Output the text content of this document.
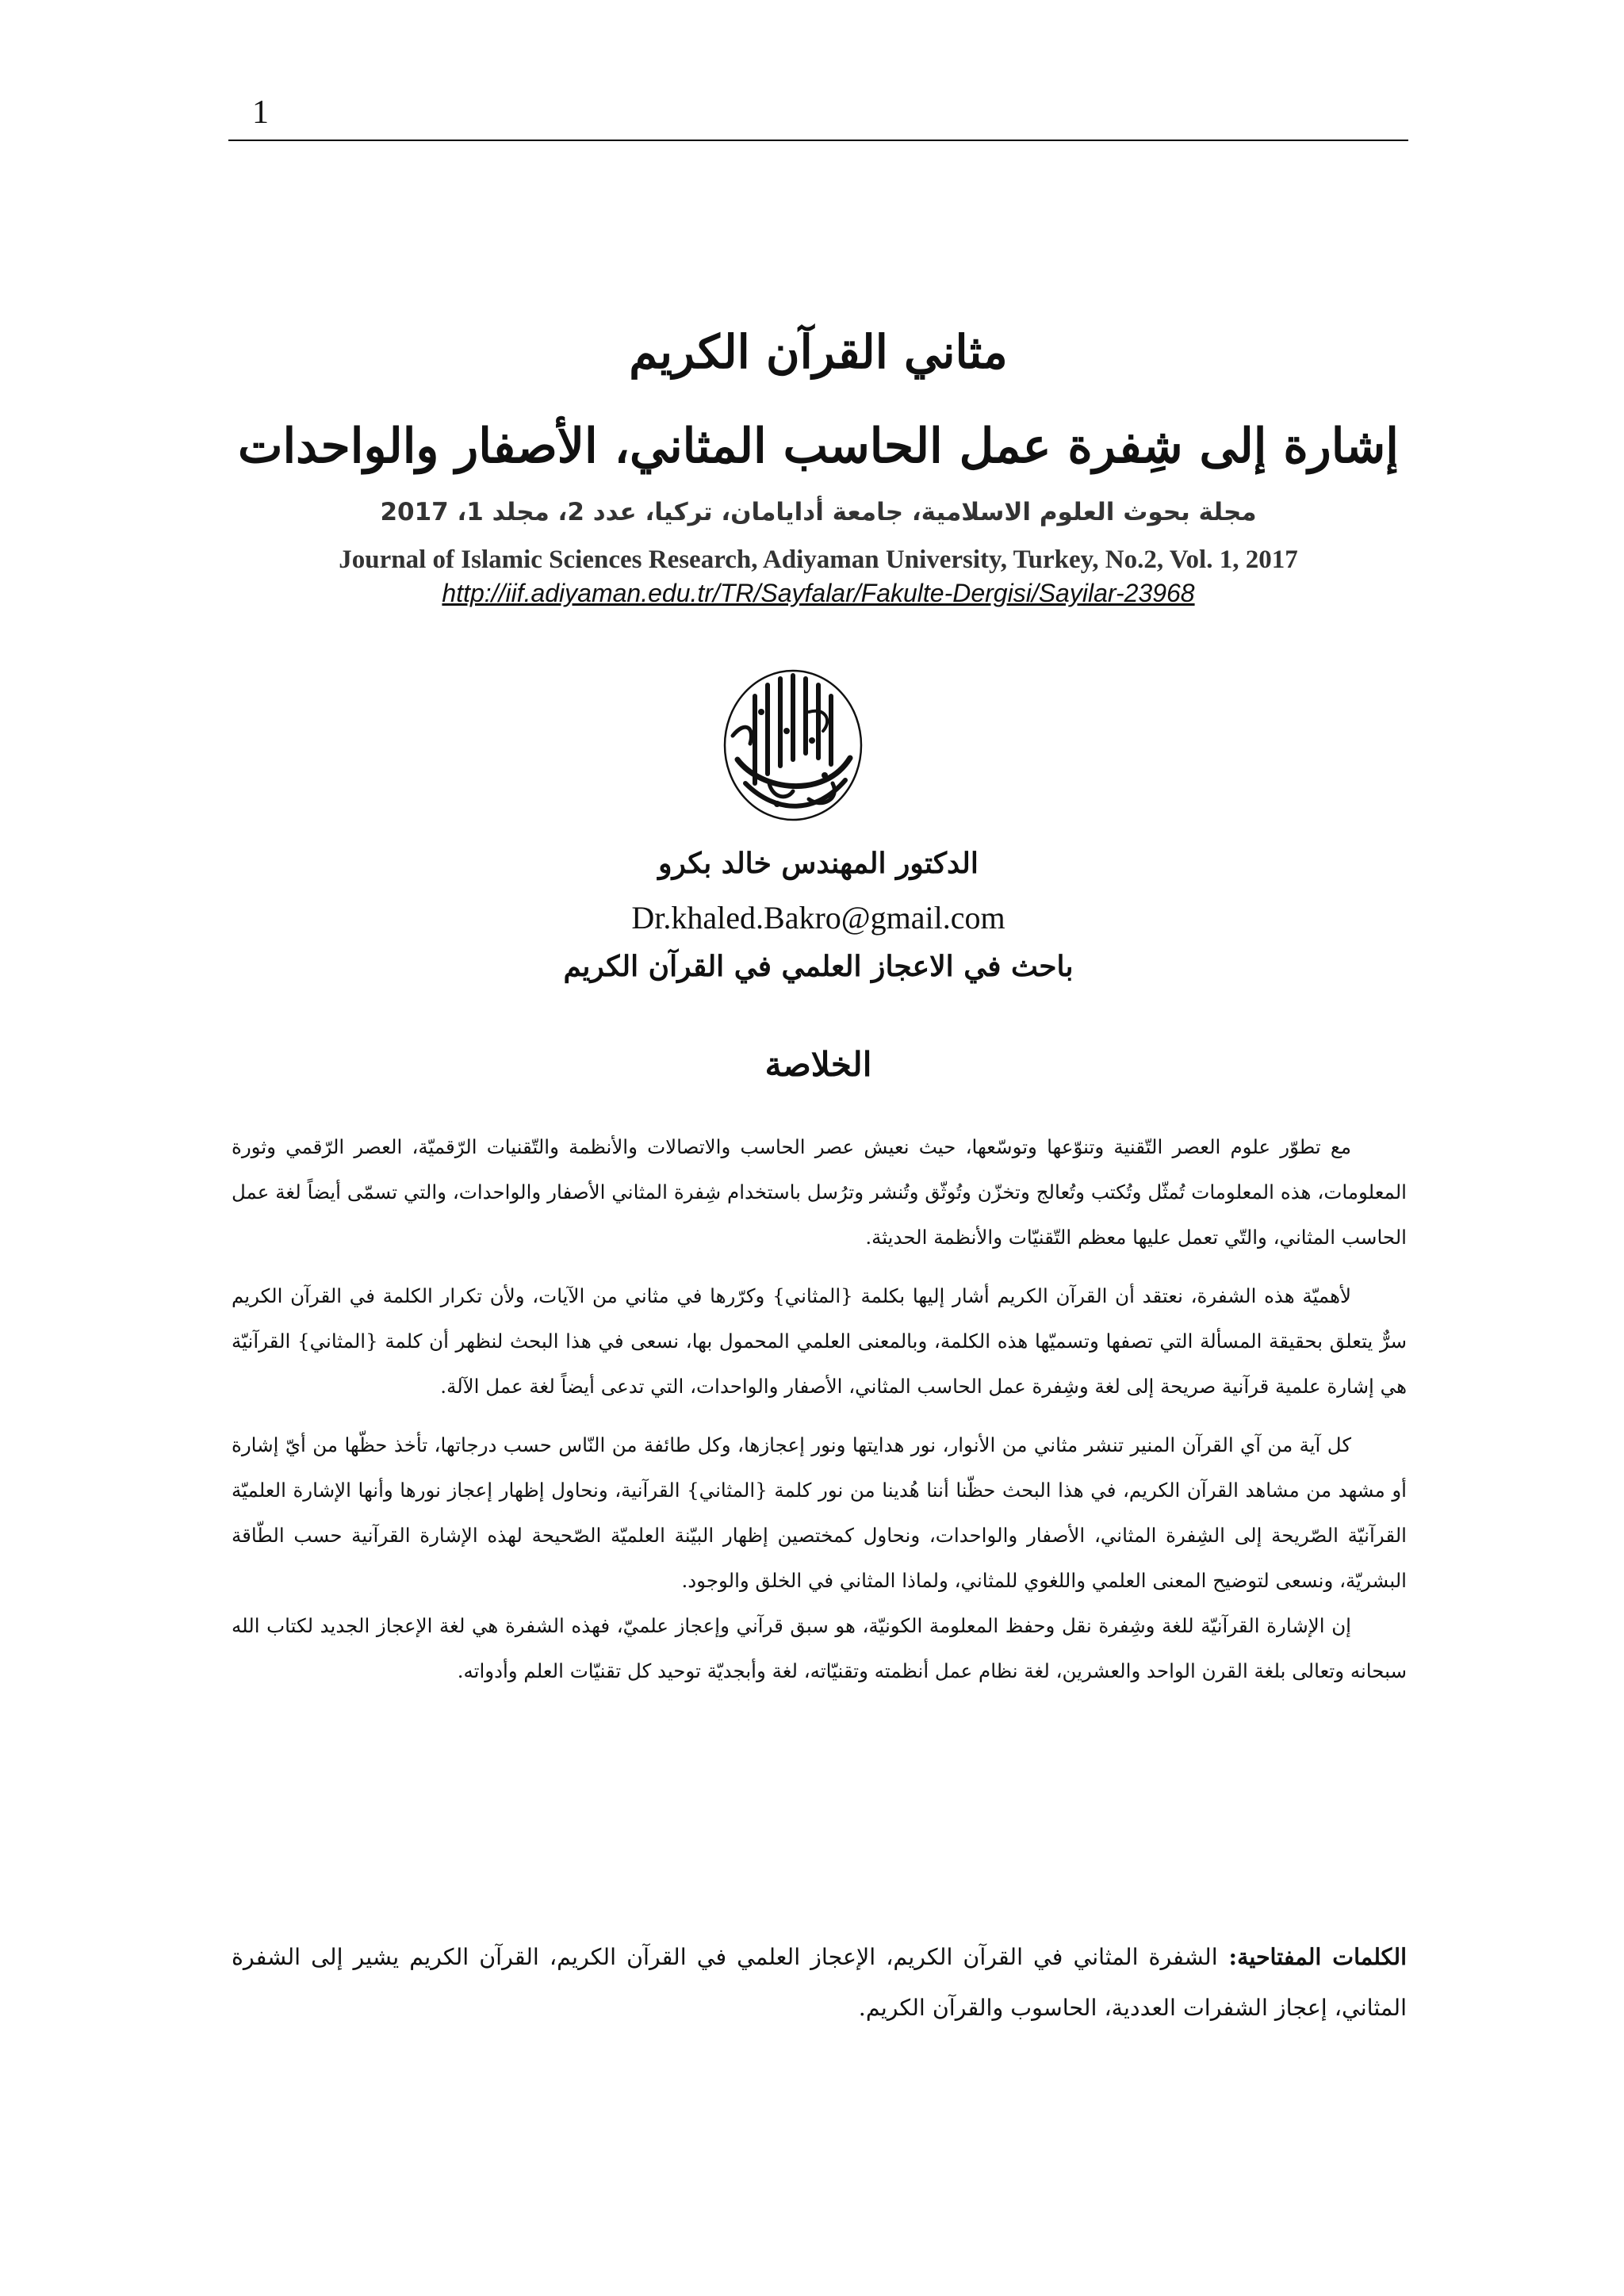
1
مثاني القرآن الكريم
إشارة إلى شِفرة عمل الحاسب المثاني، الأصفار والواحدات
مجلة بحوث العلوم الاسلامية، جامعة أدايامان، تركيا، عدد 2، مجلد 1، 2017
Journal of Islamic Sciences Research, Adiyaman University, Turkey, No.2, Vol. 1, 2017
http://iif.adiyaman.edu.tr/TR/Sayfalar/Fakulte-Dergisi/Sayilar-23968
الدكتور المهندس خالد بكرو
Dr.khaled.Bakro@gmail.com
باحث في الاعجاز العلمي في القرآن الكريم
الخلاصة

مع تطوّر علوم العصر التّقنية وتنوّعها وتوسّعها، حيث نعيش عصر الحاسب والاتصالات والأنظمة والتّقنيات الرّقميّة، العصر الرّقمي وثورة المعلومات، هذه المعلومات تُمثّل وتُكتب وتُعالج وتخزّن وتُوثّق وتُنشر وترُسل باستخدام شِفرة المثاني الأصفار والواحدات، والتي تسمّى أيضاً لغة عمل الحاسب المثاني، والتّي تعمل عليها معظم التّقنيّات والأنظمة الحديثة.

لأهميّة هذه الشفرة، نعتقد أن القرآن الكريم أشار إليها بكلمة {المثاني} وكرّرها في مثاني من الآيات، ولأن تكرار الكلمة في القرآن الكريم سرٌّ يتعلق بحقيقة المسألة التي تصفها وتسميّها هذه الكلمة، وبالمعنى العلمي المحمول بها، نسعى في هذا البحث لنظهر أن كلمة {المثاني} القرآنيّة هي إشارة علمية قرآنية صريحة إلى لغة وشِفرة عمل الحاسب المثاني، الأصفار والواحدات، التي تدعى أيضاً لغة عمل الآلة.

كل آية من آي القرآن المنير تنشر مثاني من الأنوار، نور هدايتها ونور إعجازها، وكل طائفة من النّاس حسب درجاتها، تأخذ حظّها من أيّ إشارة أو مشهد من مشاهد القرآن الكريم، في هذا البحث حظّنا أننا هُدينا من نور كلمة {المثاني} القرآنية، ونحاول إظهار إعجاز نورها وأنها الإشارة العلميّة القرآنيّة الصّريحة إلى الشِفرة المثاني، الأصفار والواحدات، ونحاول كمختصين إظهار البيّنة العلميّة الصّحيحة لهذه الإشارة القرآنية حسب الطّاقة البشريّة، ونسعى لتوضيح المعنى العلمي واللغوي للمثاني، ولماذا المثاني في الخلق والوجود.

إن الإشارة القرآنيّة للغة وشِفرة نقل وحفظ المعلومة الكونيّة، هو سبق قرآني وإعجاز علميّ، فهذه الشفرة هي لغة الإعجاز الجديد لكتاب الله سبحانه وتعالى بلغة القرن الواحد والعشرين، لغة نظام عمل أنظمته وتقنيّاته، لغة وأبجديّة توحيد كل تقنيّات العلم وأدواته.

الكلمات المفتاحية: الشفرة المثاني في القرآن الكريم، الإعجاز العلمي في القرآن الكريم، القرآن الكريم يشير إلى الشفرة المثاني، إعجاز الشفرات العددية، الحاسوب والقرآن الكريم.
